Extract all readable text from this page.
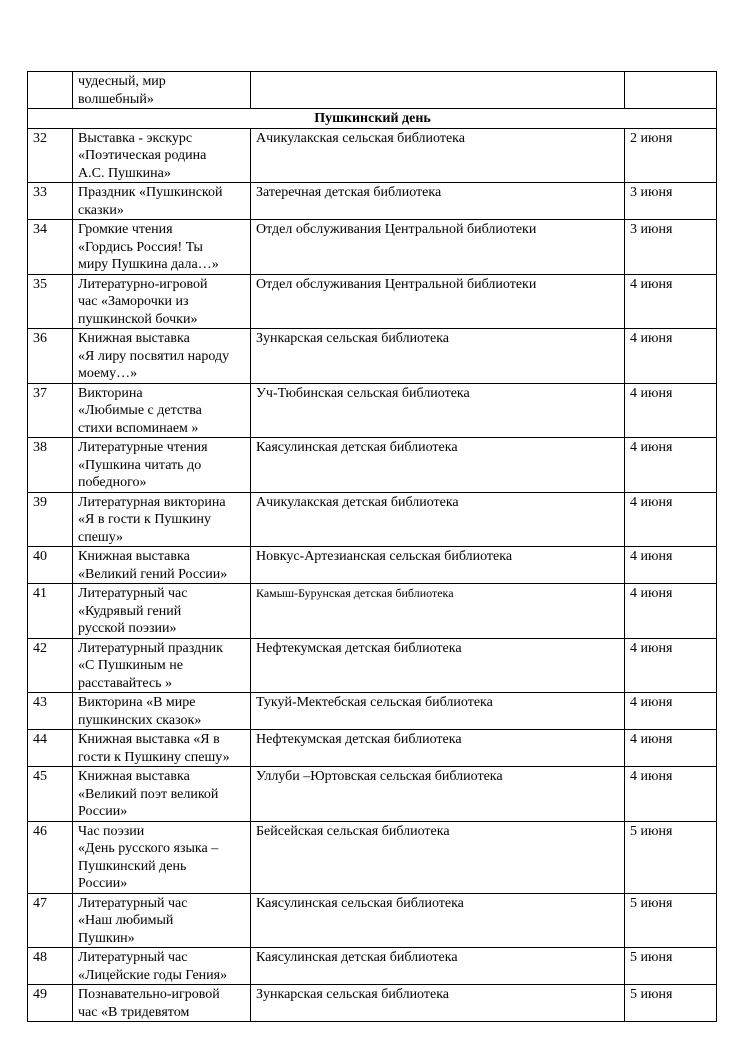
	чудесный, мир
волшебный»		

Пушкинский день			
32	Выставка - экскурс
«Поэтическая родина
А.С. Пушкина»	Ачикулакская сельская библиотека	2 июня
33	Праздник «Пушкинской
сказки»	Затеречная детская библиотека	3 июня
34	Громкие чтения
«Гордись Россия! Ты
миру Пушкина дала…»	Отдел обслуживания Центральной библиотеки	3 июня
35	Литературно-игровой
час «Заморочки из
пушкинской бочки»	Отдел обслуживания Центральной библиотеки	4 июня
36	Книжная выставка
«Я лиру посвятил народу
моему…»	Зункарская сельская библиотека	4 июня
37	Викторина
«Любимые с детства
стихи вспоминаем »	Уч-Тюбинская сельская библиотека	4 июня
38	Литературные чтения
«Пушкина читать до
победного»	Каясулинская детская библиотека	4 июня
39	Литературная викторина
«Я в гости к Пушкину
спешу»	Ачикулакская детская библиотека	4 июня
40	Книжная выставка
«Великий гений России»	Новкус-Артезианская сельская библиотека	4 июня
41	Литературный час
«Кудрявый гений
русской поэзии»	Камыш-Бурунская детская библиотека	4 июня
42	Литературный праздник
«С Пушкиным не
расставайтесь »	Нефтекумская детская библиотека	4 июня
43	Викторина «В мире
пушкинских сказок»	Тукуй-Мектебская сельская библиотека	4 июня
44	Книжная выставка «Я в
гости к Пушкину спешу»	Нефтекумская детская библиотека	4 июня
45	Книжная выставка
«Великий поэт великой
России»	Уллуби –Юртовская сельская библиотека	4 июня
46	Час поэзии
«День русского языка –
Пушкинский день
России»	Бейсейская сельская библиотека	5 июня
47	Литературный час
«Наш любимый
Пушкин»	Каясулинская сельская библиотека	5 июня
48	Литературный час
«Лицейские годы Гения»	Каясулинская детская библиотека	5 июня
49	Познавательно-игровой
час «В тридевятом	Зункарская сельская библиотека	5 июня
